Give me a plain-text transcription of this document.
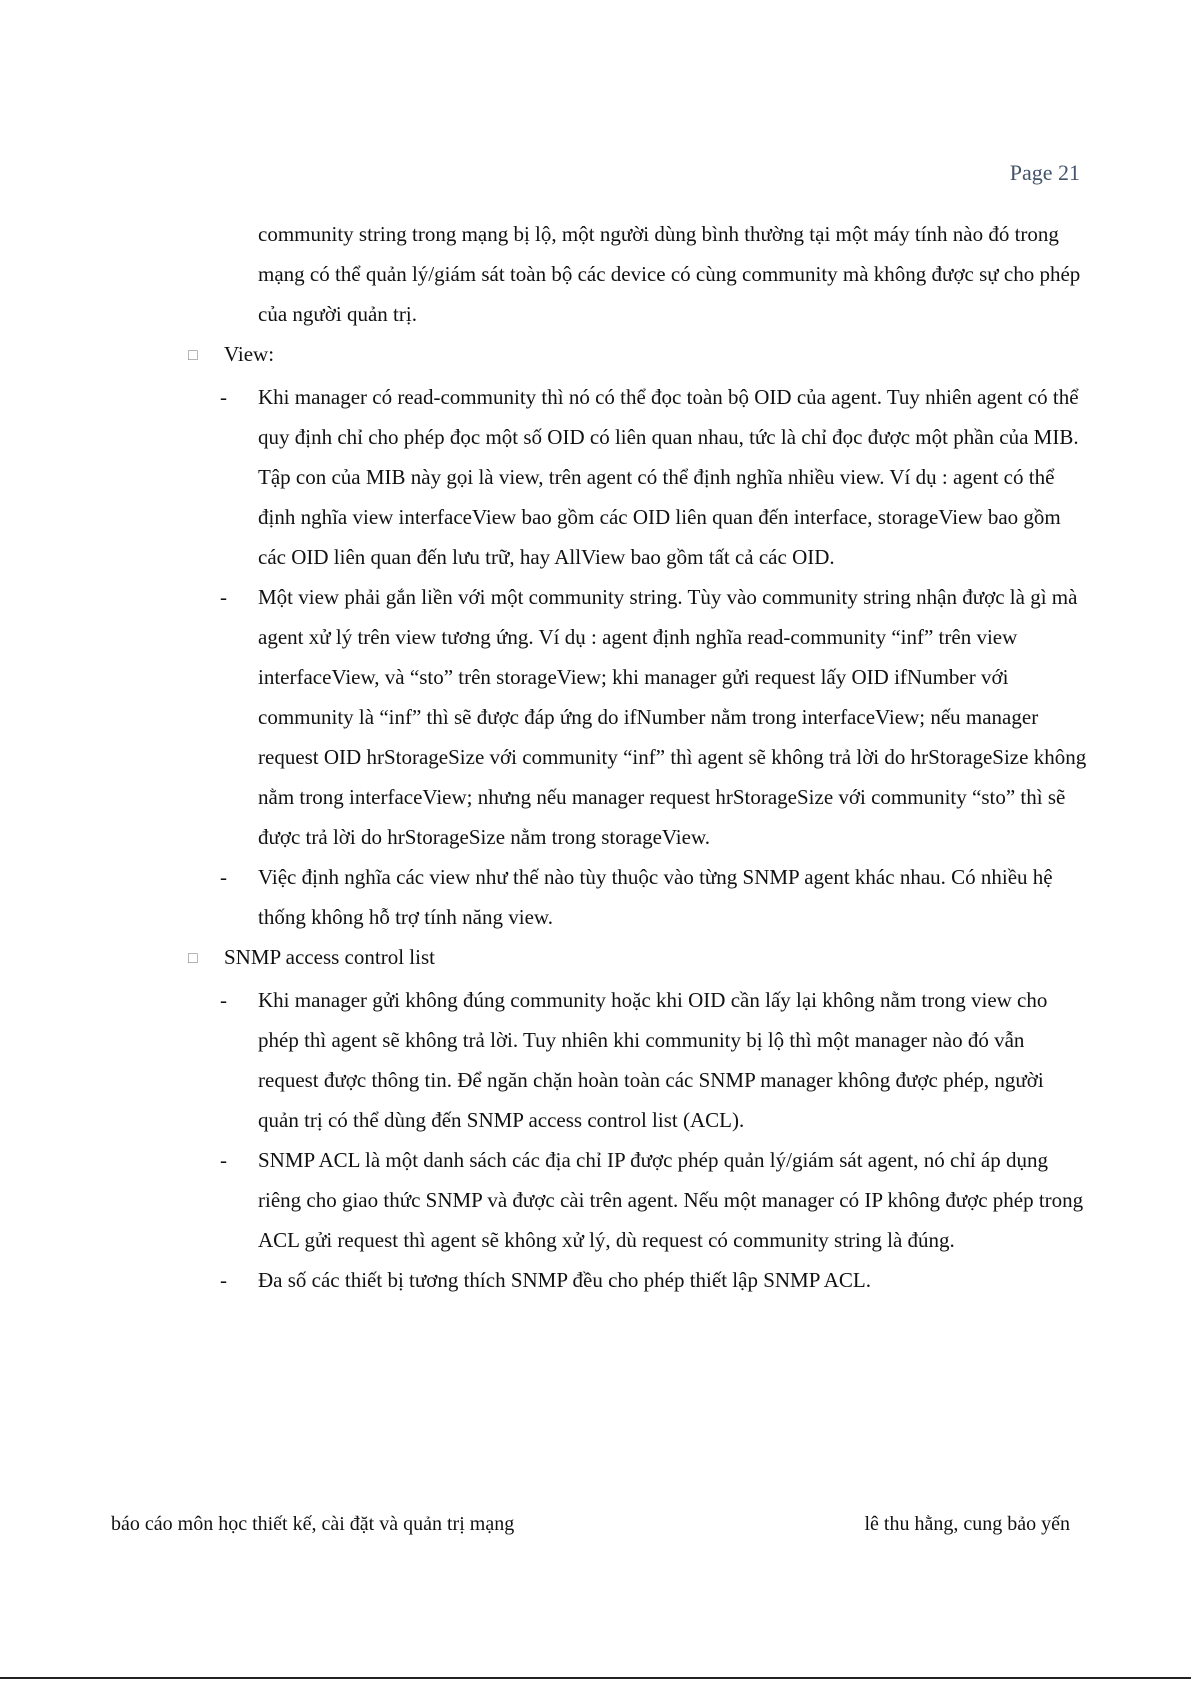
Page 21
community string trong mạng bị lộ, một người dùng bình thường tại một máy tính nào đó trong mạng có thể quản lý/giám sát toàn bộ các device có cùng community mà không được sự cho phép của người quản trị.
□	View:
-	Khi manager có read-community thì nó có thể đọc toàn bộ OID của agent. Tuy nhiên agent có thể quy định chỉ cho phép đọc một số OID có liên quan nhau, tức là chỉ đọc được một phần của MIB. Tập con của MIB này gọi là view, trên agent có thể định nghĩa nhiều view. Ví dụ : agent có thể định nghĩa view interfaceView bao gồm các OID liên quan đến interface, storageView bao gồm các OID liên quan đến lưu trữ, hay AllView bao gồm tất cả các OID.
-	Một view phải gắn liền với một community string. Tùy vào community string nhận được là gì mà agent xử lý trên view tương ứng. Ví dụ : agent định nghĩa read-community “inf” trên view interfaceView, và “sto” trên storageView; khi manager gửi request lấy OID ifNumber với community là “inf” thì sẽ được đáp ứng do ifNumber nằm trong interfaceView; nếu manager request OID hrStorageSize với community “inf” thì agent sẽ không trả lời do hrStorageSize không nằm trong interfaceView; nhưng nếu manager request hrStorageSize với community “sto” thì sẽ được trả lời do hrStorageSize nằm trong storageView.
-	Việc định nghĩa các view như thế nào tùy thuộc vào từng SNMP agent khác nhau. Có nhiều hệ thống không hỗ trợ tính năng view.
□	SNMP access control list
-	Khi manager gửi không đúng community hoặc khi OID cần lấy lại không nằm trong view cho phép thì agent sẽ không trả lời. Tuy nhiên khi community bị lộ thì một manager nào đó vẫn request được thông tin. Để ngăn chặn hoàn toàn các SNMP manager không được phép, người quản trị có thể dùng đến SNMP access control list (ACL).
-	SNMP ACL là một danh sách các địa chỉ IP được phép quản lý/giám sát agent, nó chỉ áp dụng riêng cho giao thức SNMP và được cài trên agent. Nếu một manager có IP không được phép trong ACL gửi request thì agent sẽ không xử lý, dù request có community string là đúng.
-	Đa số các thiết bị tương thích SNMP đều cho phép thiết lập SNMP ACL.
báo cáo môn học thiết kế, cài đặt và quản trị mạng	lê thu hằng, cung bảo yến
